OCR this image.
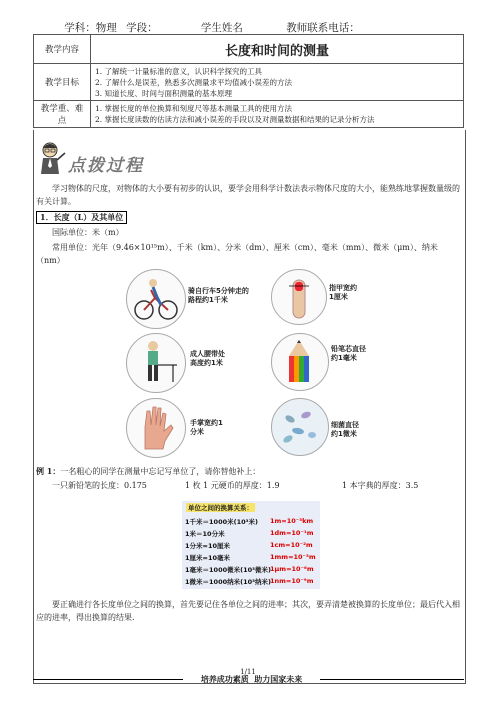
学科：物理 学段：	学生姓名	教师联系电话：
教学内容	长度和时间的测量
教学目标	1. 了解统一计量标准的意义，认识科学探究的工具
2. 了解什么是误差，熟悉多次测量求平均值减小误差的方法
3. 知道长度、时间与面积测量的基本原理

教学重、难点	1. 掌握长度的单位换算和刻度尺等基本测量工具的使用方法
2. 掌握长度读数的估读方法和减小误差的手段以及对测量数据和结果的记录分析方法
点拨过程
学习物体的尺度，对物体的大小要有初步的认识，要学会用科学计数法表示物体尺度的大小，能熟练地掌握数量级的有关计算。
1．长度（L）及其单位
国际单位：米（m）
常用单位：光年（9.46×10¹⁵m）、千米（km）、分米（dm）、厘米（cm）、毫米（mm）、微米（μm）、纳米（nm）
骑自行车5分钟走的
路程约1千米
指甲宽约
1厘米
成人腰带处
高度约1米
铅笔芯直径
约1毫米
手掌宽约1
分米
细菌直径
约1微米
例 1：一名粗心的同学在测量中忘记写单位了，请你替他补上：
一只新铅笔的长度：0.175	1 枚 1 元硬币的厚度：1.9	1 本字典的厚度：3.5
单位之间的换算关系：
1千米＝1000米(10³米) 1m=10⁻³km
1米＝10分米	1dm=10⁻¹m
1分米=10厘米	1cm=10⁻²m
1厘米=10毫米	1mm=10⁻³m
1毫米＝1000微米(10³微米) 1μm=10⁻⁶m
1微米＝1000纳米(10³纳米) 1nm=10⁻⁹m
要正确进行各长度单位之间的换算，首先要记住各单位之间的进率；其次，要弄清楚被换算的长度单位；最后代入相应的进率，得出换算的结果.
1/11
培养成功素质  助力国家未来
